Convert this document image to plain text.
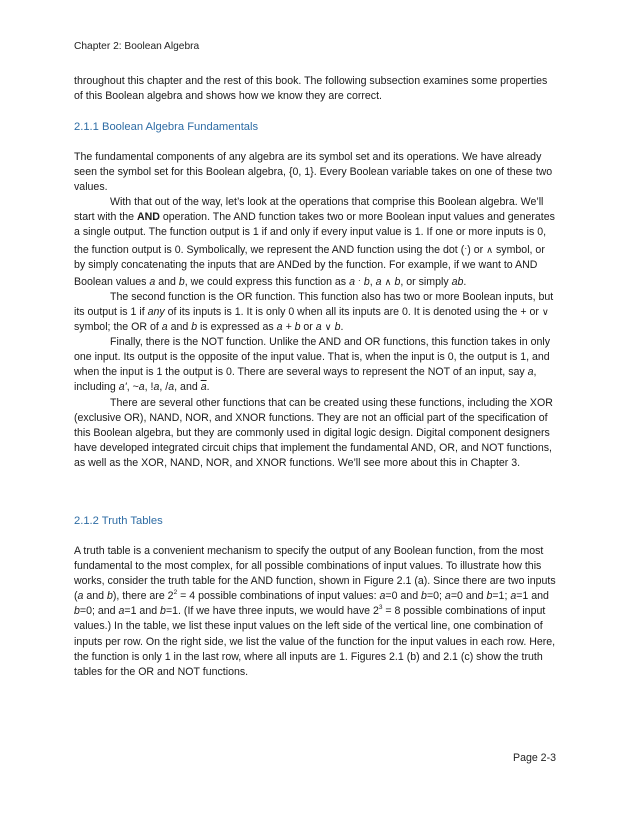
Chapter 2: Boolean Algebra

throughout this chapter and the rest of this book. The following subsection examines some properties of this Boolean algebra and shows how we know they are correct.

2.1.1 Boolean Algebra Fundamentals

The fundamental components of any algebra are its symbol set and its operations. We have already seen the symbol set for this Boolean algebra, {0, 1}. Every Boolean variable takes on one of these two values.

With that out of the way, let’s look at the operations that comprise this Boolean algebra. We’ll start with the AND operation. The AND function takes two or more Boolean input values and generates a single output. The function output is 1 if and only if every input value is 1. If one or more inputs is 0, the function output is 0. Symbolically, we represent the AND function using the dot (·) or ∧ symbol, or by simply concatenating the inputs that are ANDed by the function. For example, if we want to AND Boolean values a and b, we could express this function as a · b, a ∧ b, or simply ab.

The second function is the OR function. This function also has two or more Boolean inputs, but its output is 1 if any of its inputs is 1. It is only 0 when all its inputs are 0. It is denoted using the + or ∨ symbol; the OR of a and b is expressed as a + b or a ∨ b.

Finally, there is the NOT function. Unlike the AND and OR functions, this function takes in only one input. Its output is the opposite of the input value. That is, when the input is 0, the output is 1, and when the input is 1 the output is 0. There are several ways to represent the NOT of an input, say a, including a', ~a, !a, /a, and $\overline{a}$.

There are several other functions that can be created using these functions, including the XOR (exclusive OR), NAND, NOR, and XNOR functions. They are not an official part of the specification of this Boolean algebra, but they are commonly used in digital logic design. Digital component designers have developed integrated circuit chips that implement the fundamental AND, OR, and NOT functions, as well as the XOR, NAND, NOR, and XNOR functions. We’ll see more about this in Chapter 3.

2.1.2 Truth Tables

A truth table is a convenient mechanism to specify the output of any Boolean function, from the most fundamental to the most complex, for all possible combinations of input values. To illustrate how this works, consider the truth table for the AND function, shown in Figure 2.1 (a). Since there are two inputs (a and b), there are $2^2 = 4$ possible combinations of input values: a=0 and b=0; a=0 and b=1; a=1 and b=0; and a=1 and b=1. (If we have three inputs, we would have $2^3 = 8$ possible combinations of input values.) In the table, we list these input values on the left side of the vertical line, one combination of inputs per row. On the right side, we list the value of the function for the input values in each row. Here, the function is only 1 in the last row, where all inputs are 1. Figures 2.1 (b) and 2.1 (c) show the truth tables for the OR and NOT functions.

Page 2-3
